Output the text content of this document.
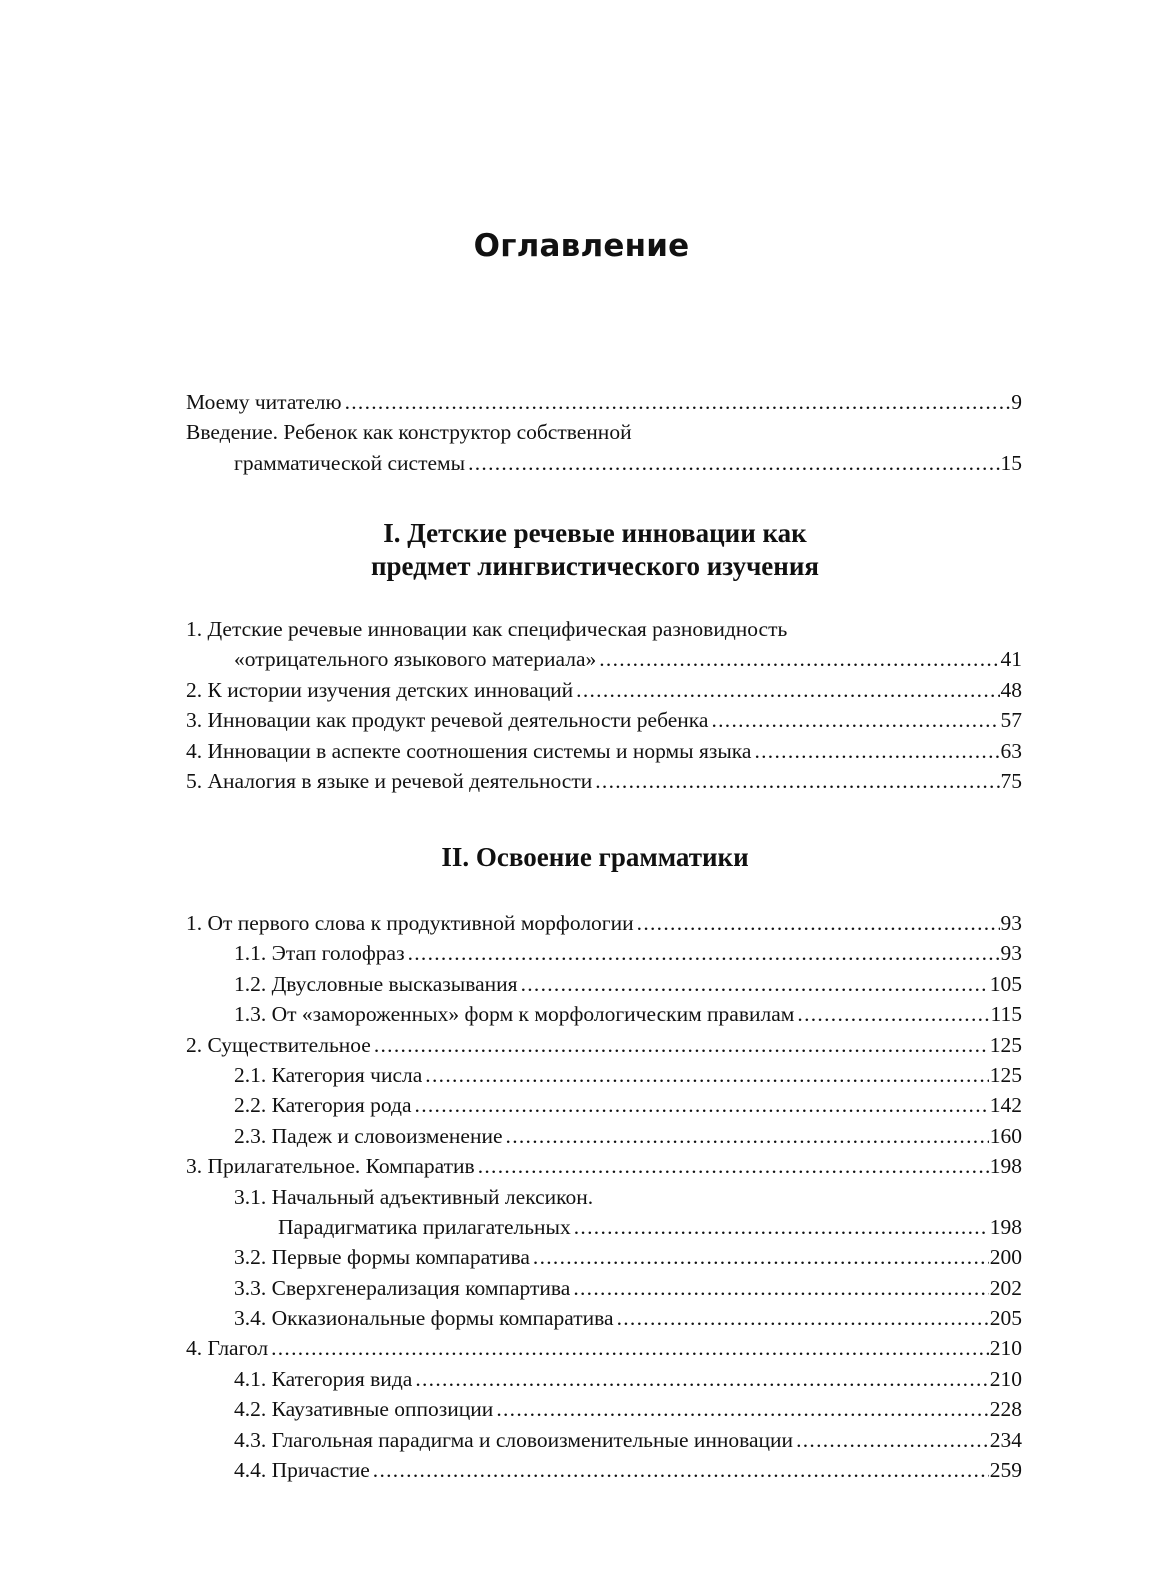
Оглавление
Моему читателю .....	9
Введение. Ребенок как конструктор собственной
грамматической системы .....	15
I. Детские речевые инновации как
предмет лингвистического изучения
1. Детские речевые инновации как специфическая разновидность
«отрицательного языкового материала» .....	41
2. К истории изучения детских инноваций .....	48
3. Инновации как продукт речевой деятельности ребенка .....	57
4. Инновации в аспекте соотношения системы и нормы языка .....	63
5. Аналогия в языке и речевой деятельности .....	75
II. Освоение грамматики
1. От первого слова к продуктивной морфологии .....	93
1.1. Этап голофраз .....	93
1.2. Двусловные высказывания .....	105
1.3. От «замороженных» форм к морфологическим правилам .....	115
2. Существительное .....	125
2.1. Категория числа .....	125
2.2. Категория рода .....	142
2.3. Падеж и словоизменение .....	160
3. Прилагательное. Компаратив .....	198
3.1. Начальный адъективный лексикон.
Парадигматика прилагательных .....	198
3.2. Первые формы компаратива .....	200
3.3. Сверхгенерализация компартива .....	202
3.4. Окказиональные формы компаратива .....	205
4. Глагол .....	210
4.1. Категория вида .....	210
4.2. Каузативные оппозиции .....	228
4.3. Глагольная парадигма и словоизменительные инновации .....	234
4.4. Причастие .....	259
